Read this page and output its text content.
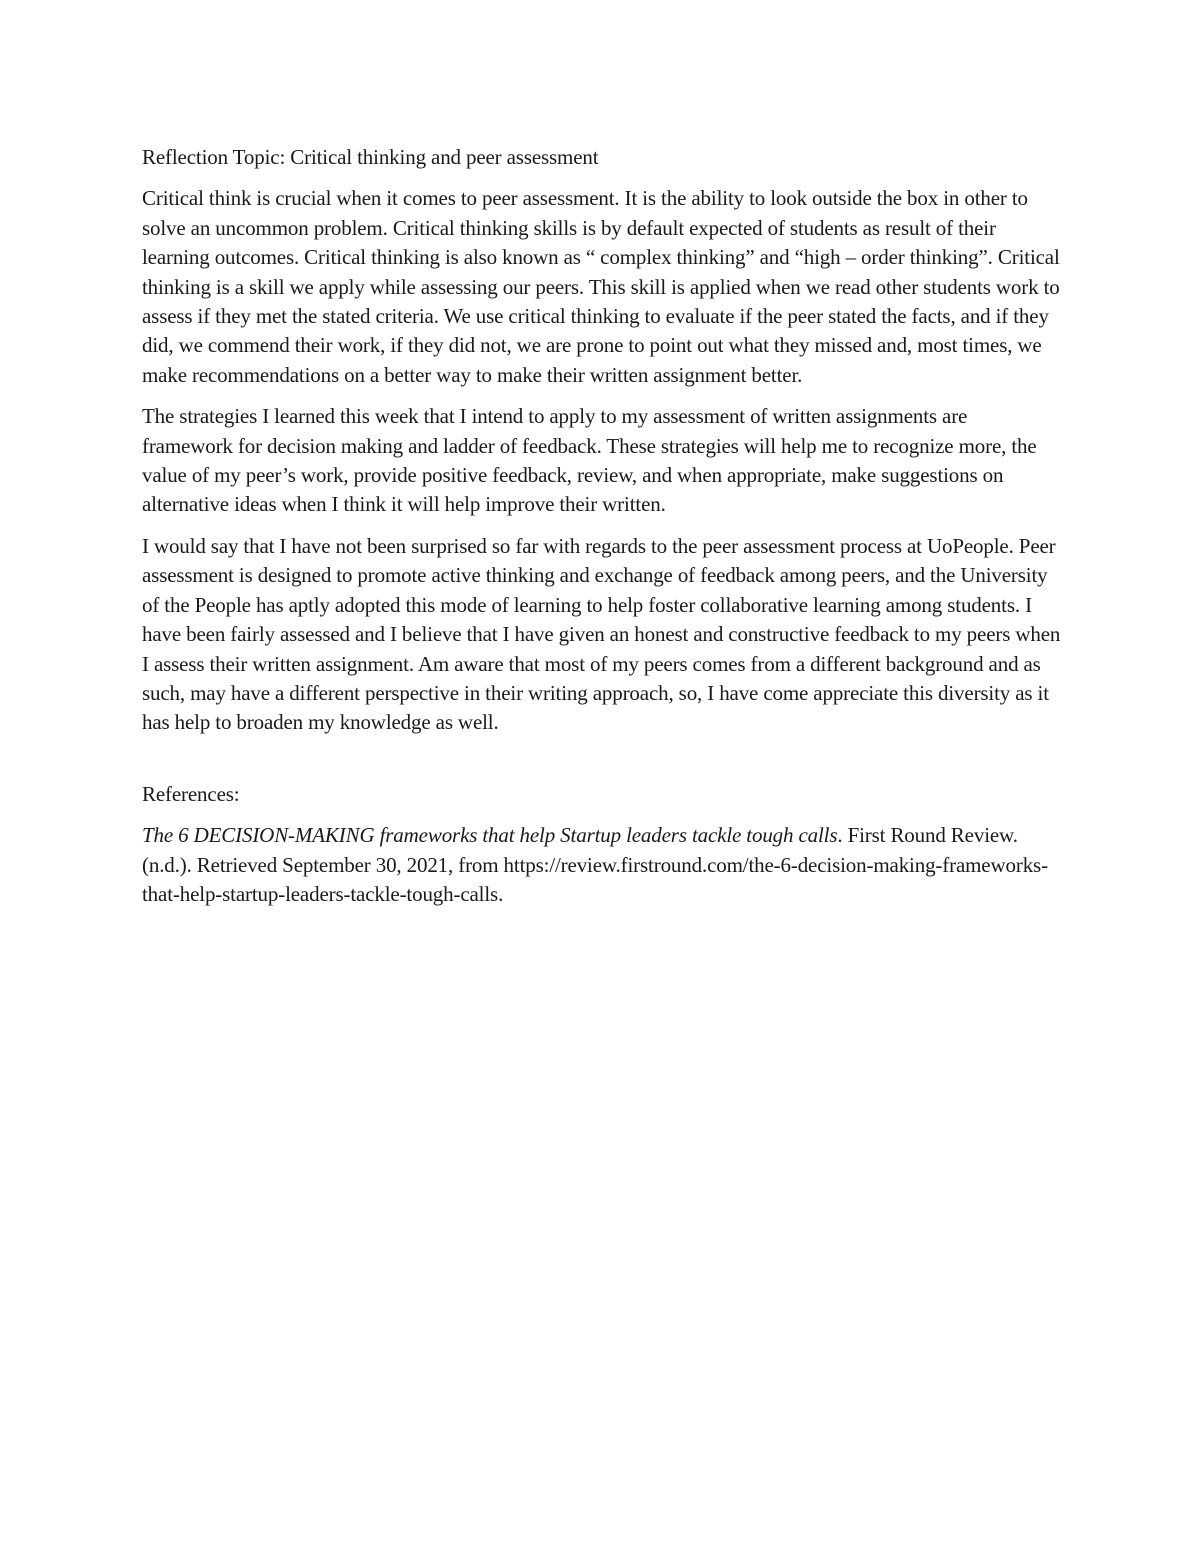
Reflection Topic: Critical thinking and peer assessment

Critical think is crucial when it comes to peer assessment. It is the ability to look outside the box in other to solve an uncommon problem. Critical thinking skills is by default expected of students as result of their learning outcomes. Critical thinking is also known as “ complex thinking” and “high – order thinking”. Critical thinking is a skill we apply while assessing our peers. This skill is applied when we read other students work to assess if they met the stated criteria. We use critical thinking to evaluate if the peer stated the facts, and if they did, we commend their work, if they did not, we are prone to point out what they missed and, most times, we make recommendations on a better way to make their written assignment better.

The strategies I learned this week that I intend to apply to my assessment of written assignments are framework for decision making and ladder of feedback. These strategies will help me to recognize more, the value of my peer’s work, provide positive feedback, review, and when appropriate, make suggestions on alternative ideas when I think it will help improve their written.

I would say that I have not been surprised so far with regards to the peer assessment process at UoPeople. Peer assessment is designed to promote active thinking and exchange of feedback among peers, and the University of the People has aptly adopted this mode of learning to help foster collaborative learning among students. I have been fairly assessed and I believe that I have given an honest and constructive feedback to my peers when I assess their written assignment. Am aware that most of my peers comes from a different background and as such, may have a different perspective in their writing approach, so, I have come appreciate this diversity as it has help to broaden my knowledge as well.

References:

The 6 DECISION-MAKING frameworks that help Startup leaders tackle tough calls. First Round Review. (n.d.). Retrieved September 30, 2021, from https://review.firstround.com/the-6-decision-making-frameworks-that-help-startup-leaders-tackle-tough-calls.
